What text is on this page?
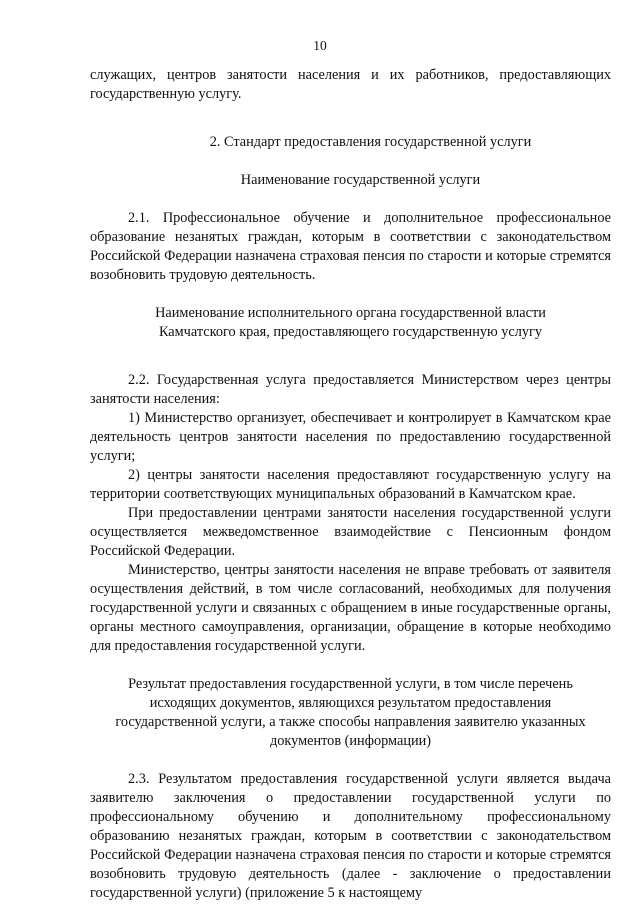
10

служащих, центров занятости населения и их работников, предоставляющих государственную услугу.

2. Стандарт предоставления государственной услуги

Наименование государственной услуги

2.1. Профессиональное обучение и дополнительное профессиональное образование незанятых граждан, которым в соответствии с законодательством Российской Федерации назначена страховая пенсия по старости и которые стремятся возобновить трудовую деятельность.

Наименование исполнительного органа государственной власти

Камчатского края, предоставляющего государственную услугу

2.2. Государственная услуга предоставляется Министерством через центры занятости населения:

1) Министерство организует, обеспечивает и контролирует в Камчатском крае деятельность центров занятости населения по предоставлению государственной услуги;

2) центры занятости населения предоставляют государственную услугу на территории соответствующих муниципальных образований в Камчатском крае.

При предоставлении центрами занятости населения государственной услуги осуществляется межведомственное взаимодействие с Пенсионным фондом Российской Федерации.

Министерство, центры занятости населения не вправе требовать от заявителя осуществления действий, в том числе согласований, необходимых для получения государственной услуги и связанных с обращением в иные государственные органы, органы местного самоуправления, организации, обращение в которые необходимо для предоставления государственной услуги.

Результат предоставления государственной услуги, в том числе перечень

исходящих документов, являющихся результатом предоставления

государственной услуги, а также способы направления заявителю указанных

документов (информации)

2.3. Результатом предоставления государственной услуги является выдача заявителю заключения о предоставлении государственной услуги по профессиональному обучению и дополнительному профессиональному образованию незанятых граждан, которым в соответствии с законодательством Российской Федерации назначена страховая пенсия по старости и которые стремятся возобновить трудовую деятельность (далее - заключение о предоставлении государственной услуги) (приложение 5 к настоящему
